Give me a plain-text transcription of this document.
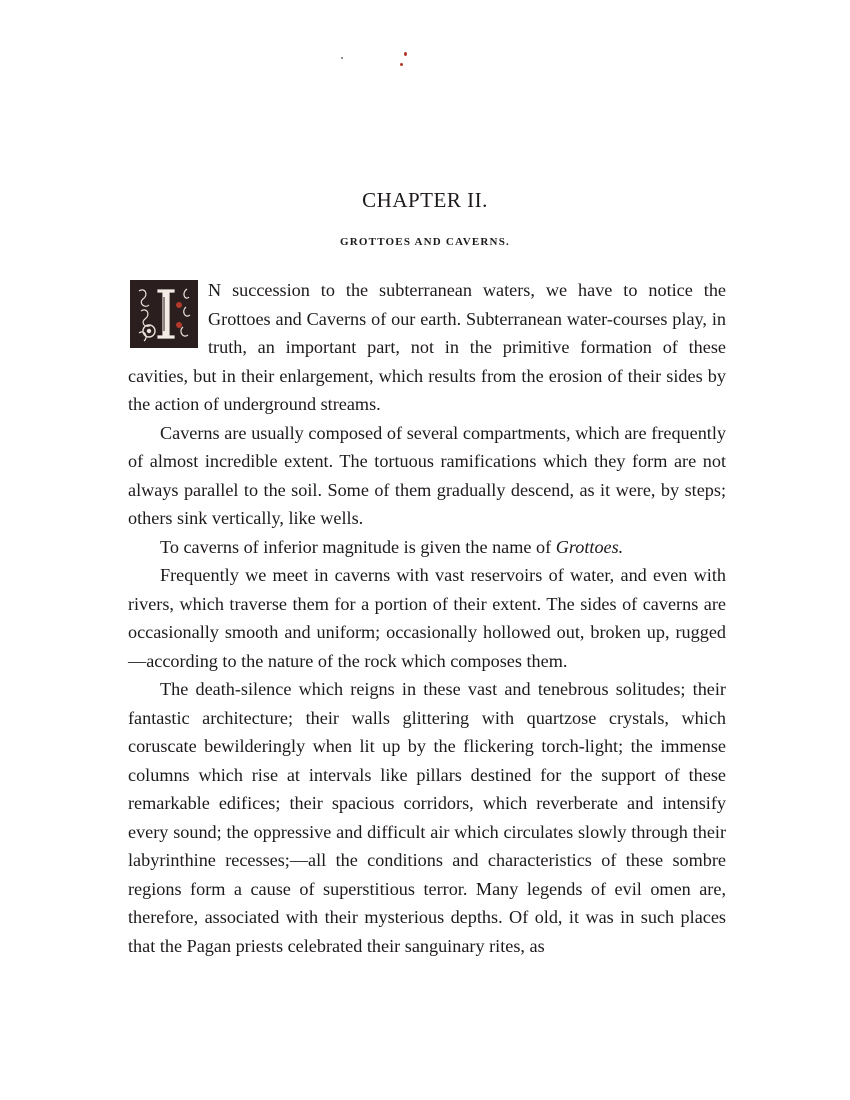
CHAPTER II.
GROTTOES AND CAVERNS.

N succession to the subterranean waters, we have to notice the Grottoes and Caverns of our earth. Subterranean water-courses play, in truth, an important part, not in the primitive formation of these cavities, but in their enlargement, which results from the erosion of their sides by the action of underground streams.

Caverns are usually composed of several compartments, which are frequently of almost incredible extent. The tortuous ramifications which they form are not always parallel to the soil. Some of them gradually descend, as it were, by steps; others sink vertically, like wells.

To caverns of inferior magnitude is given the name of Grottoes.

Frequently we meet in caverns with vast reservoirs of water, and even with rivers, which traverse them for a portion of their extent. The sides of caverns are occasionally smooth and uniform; occasionally hollowed out, broken up, rugged—according to the nature of the rock which composes them.

The death-silence which reigns in these vast and tenebrous solitudes; their fantastic architecture; their walls glittering with quartzose crystals, which coruscate bewilderingly when lit up by the flickering torch-light; the immense columns which rise at intervals like pillars destined for the support of these remarkable edifices; their spacious corridors, which reverberate and intensify every sound; the oppressive and difficult air which circulates slowly through their labyrinthine recesses;—all the conditions and characteristics of these sombre regions form a cause of superstitious terror. Many legends of evil omen are, therefore, associated with their mysterious depths. Of old, it was in such places that the Pagan priests celebrated their sanguinary rites, as
